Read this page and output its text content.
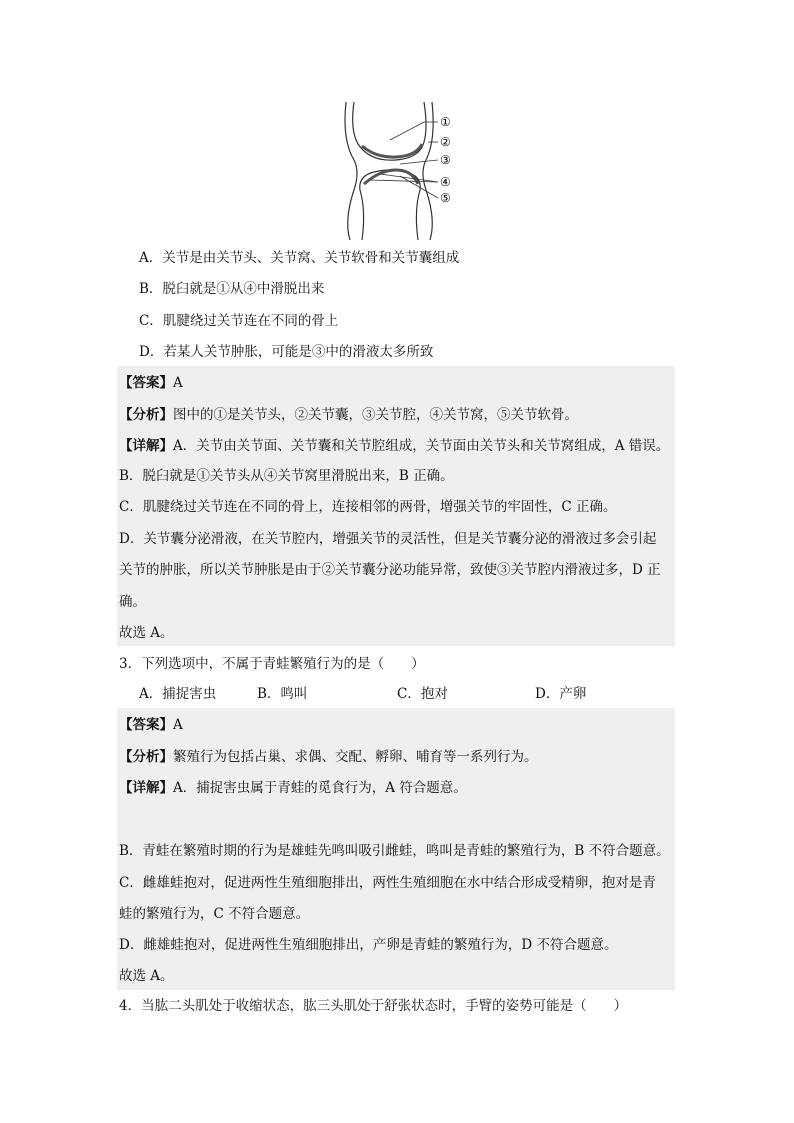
①
②
③
④
⑤
A．关节是由关节头、关节窝、关节软骨和关节囊组成
B．脱臼就是①从④中滑脱出来
C．肌腱绕过关节连在不同的骨上
D．若某人关节肿胀，可能是③中的滑液太多所致
【答案】A
【分析】图中的①是关节头，②关节囊，③关节腔，④关节窝，⑤关节软骨。
【详解】A．关节由关节面、关节囊和关节腔组成，关节面由关节头和关节窝组成，A 错误。
B．脱臼就是①关节头从④关节窝里滑脱出来，B 正确。
C．肌腱绕过关节连在不同的骨上，连接相邻的两骨，增强关节的牢固性，C 正确。
D．关节囊分泌滑液，在关节腔内，增强关节的灵活性，但是关节囊分泌的滑液过多会引起
关节的肿胀，所以关节肿胀是由于②关节囊分泌功能异常，致使③关节腔内滑液过多，D 正
确。
故选 A。
3．下列选项中，不属于青蛙繁殖行为的是（　　）
A．捕捉害虫	B．鸣叫	C．抱对	D．产卵
【答案】A
【分析】繁殖行为包括占巢、求偶、交配、孵卵、哺育等一系列行为。
【详解】A．捕捉害虫属于青蛙的觅食行为，A 符合题意。
B．青蛙在繁殖时期的行为是雄蛙先鸣叫吸引雌蛙，鸣叫是青蛙的繁殖行为，B 不符合题意。
C．雌雄蛙抱对，促进两性生殖细胞排出，两性生殖细胞在水中结合形成受精卵，抱对是青
蛙的繁殖行为，C 不符合题意。
D．雌雄蛙抱对，促进两性生殖细胞排出，产卵是青蛙的繁殖行为，D 不符合题意。
故选 A。
4．当肱二头肌处于收缩状态，肱三头肌处于舒张状态时，手臂的姿势可能是（　　）
